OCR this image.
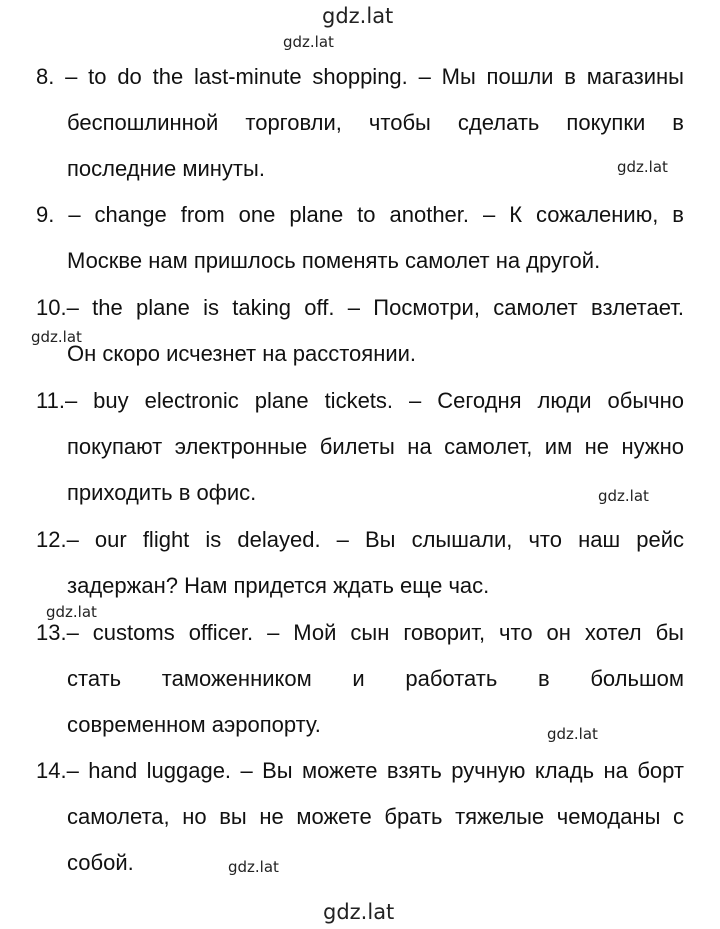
gdz.lat
gdz.lat
gdz.lat
gdz.lat
gdz.lat
gdz.lat
gdz.lat
gdz.lat
gdz.lat
8. – to do the last-minute shopping. – Мы пошли в магазины
беспошлинной торговли, чтобы сделать покупки в
последние минуты.
9. – change from one plane to another. – К сожалению, в
Москве нам пришлось поменять самолет на другой.
10.– the plane is taking off. – Посмотри, самолет взлетает.
Он скоро исчезнет на расстоянии.
11.– buy electronic plane tickets. – Сегодня люди обычно
покупают электронные билеты на самолет, им не нужно
приходить в офис.
12.– our flight is delayed. – Вы слышали, что наш рейс
задержан? Нам придется ждать еще час.
13.– customs officer. – Мой сын говорит, что он хотел бы
стать таможенником и работать в большом
современном аэропорту.
14.– hand luggage. – Вы можете взять ручную кладь на борт
самолета, но вы не можете брать тяжелые чемоданы с
собой.
